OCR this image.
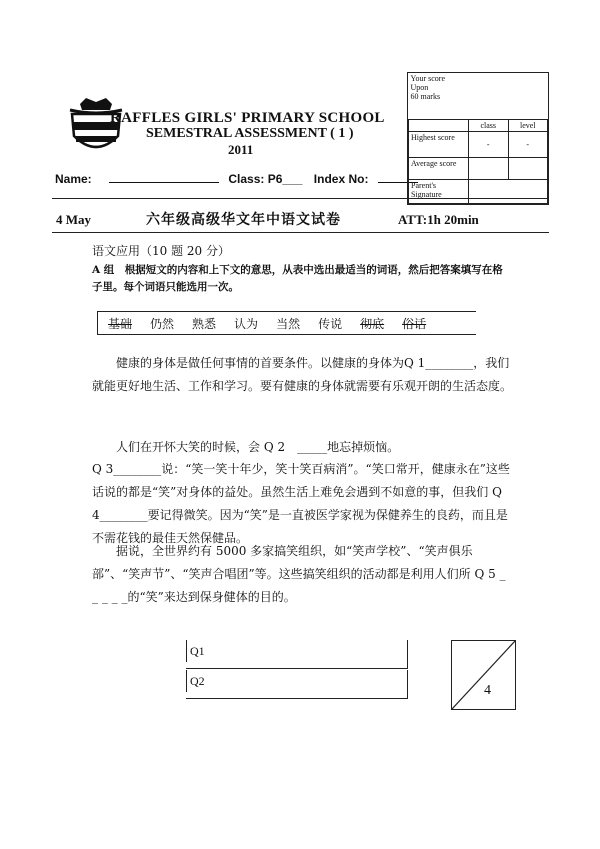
RAFFLES GIRLS' PRIMARY SCHOOL
SEMESTRAL ASSESSMENT ( 1 )
2011
Name:	Class: P6___ Index No:
Your score
Upon
60 marks		

	class	level
Highest score	-	-
Average score		
Parent's Signature		
4 May	六年级高级华文年中语文试卷	ATT:1h 20min
语文应用（10 题 20 分）
A 组　根据短文的内容和上下文的意思，从表中选出最适当的词语，然后把答案填写在格子里。每个词语只能选用一次。
基础 仍然 熟悉 认为 当然 传说 彻底 俗话
健康的身体是做任何事情的首要条件。以健康的身体为Q 1________，我们就能更好地生活、工作和学习。要有健康的身体就需要有乐观开朗的生活态度。
人们在开怀大笑的时候，会 Q 2　_____地忘掉烦恼。
Q 3________说：“笑一笑十年少，笑十笑百病消”。“笑口常开，健康永在”这些话说的都是“笑”对身体的益处。虽然生活上难免会遇到不如意的事，但我们 Q 4________要记得微笑。因为“笑”是一直被医学家视为保健养生的良药，而且是不需花钱的最佳天然保健品。
据说，全世界约有 5000 多家搞笑组织，如“笑声学校”、“笑声俱乐部”、“笑声节”、“笑声合唱团”等。这些搞笑组织的活动都是利用人们所 Q 5 _ _ _ _ _的“笑”来达到保身健体的目的。
Q1
Q2
4
